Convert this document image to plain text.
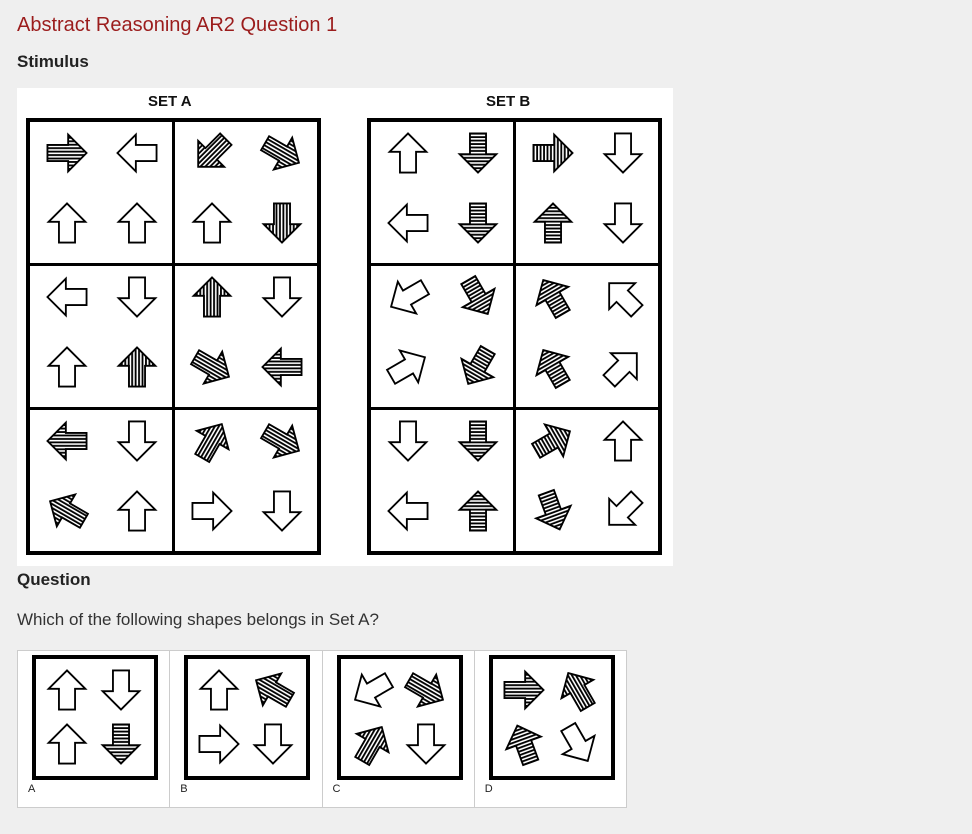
Abstract Reasoning AR2 Question 1
Stimulus
SET A	SET B
Question
Which of the following shapes belongs in Set A?
A	B	C	D
